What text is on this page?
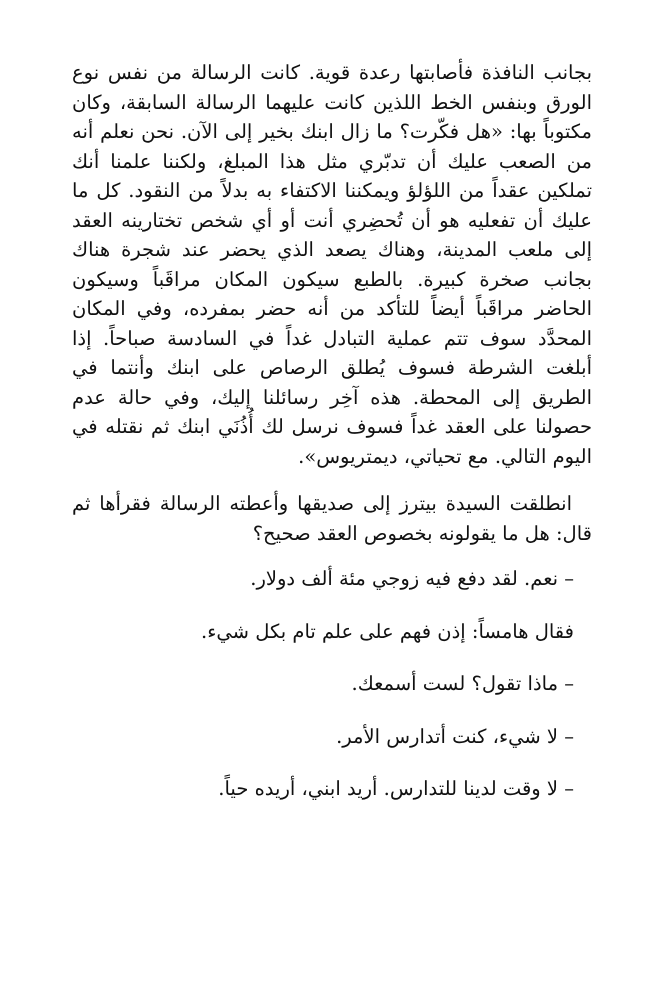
بجانب النافذة فأصابتها رعدة قوية. كانت الرسالة من نفس نوع الورق وبنفس الخط اللذين كانت عليهما الرسالة السابقة، وكان مكتوباً بها: «هل فكّرت؟ ما زال ابنك بخير إلى الآن. نحن نعلم أنه من الصعب عليك أن تدبّري مثل هذا المبلغ، ولكننا علمنا أنك تملكين عقداً من اللؤلؤ ويمكننا الاكتفاء به بدلاً من النقود. كل ما عليك أن تفعليه هو أن تُحضِري أنت أو أي شخص تختارينه العقد إلى ملعب المدينة، وهناك يصعد الذي يحضر عند شجرة هناك بجانب صخرة كبيرة. بالطبع سيكون المكان مراقَباً وسيكون الحاضر مراقَباً أيضاً للتأكد من أنه حضر بمفرده، وفي المكان المحدَّد سوف تتم عملية التبادل غداً في السادسة صباحاً. إذا أبلغت الشرطة فسوف يُطلق الرصاص على ابنك وأنتما في الطريق إلى المحطة. هذه آخِر رسائلنا إليك، وفي حالة عدم حصولنا على العقد غداً فسوف نرسل لك أُذُنَي ابنك ثم نقتله في اليوم التالي. مع تحياتي، ديمتريوس».

انطلقت السيدة بيترز إلى صديقها وأعطته الرسالة فقرأها ثم قال: هل ما يقولونه بخصوص العقد صحيح؟

– نعم. لقد دفع فيه زوجي مئة ألف دولار.

فقال هامساً: إذن فهم على علم تام بكل شيء.

– ماذا تقول؟ لست أسمعك.

– لا شيء، كنت أتدارس الأمر.

– لا وقت لدينا للتدارس. أريد ابني، أريده حياً.
